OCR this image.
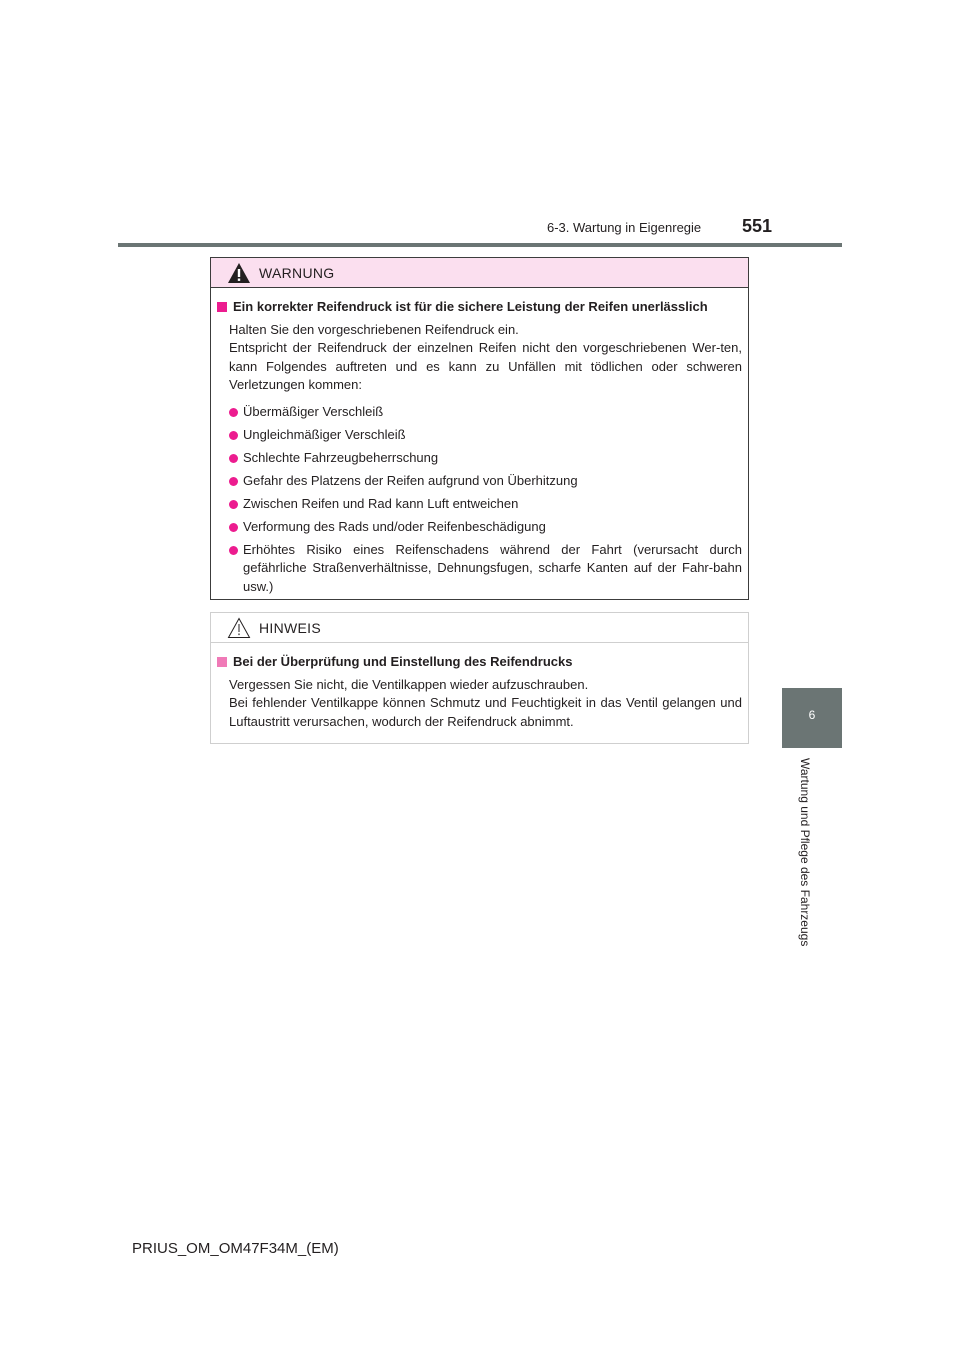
6-3. Wartung in Eigenregie 551
6
Wartung und Pflege des Fahrzeugs
WARNUNG
Ein korrekter Reifendruck ist für die sichere Leistung der Reifen unerlässlich
Halten Sie den vorgeschriebenen Reifendruck ein.
Entspricht der Reifendruck der einzelnen Reifen nicht den vorgeschriebenen Wer-ten, kann Folgendes auftreten und es kann zu Unfällen mit tödlichen oder schweren Verletzungen kommen:
Übermäßiger Verschleiß
Ungleichmäßiger Verschleiß
Schlechte Fahrzeugbeherrschung
Gefahr des Platzens der Reifen aufgrund von Überhitzung
Zwischen Reifen und Rad kann Luft entweichen
Verformung des Rads und/oder Reifenbeschädigung
Erhöhtes Risiko eines Reifenschadens während der Fahrt (verursacht durch gefährliche Straßenverhältnisse, Dehnungsfugen, scharfe Kanten auf der Fahr-bahn usw.)
HINWEIS
Bei der Überprüfung und Einstellung des Reifendrucks
Vergessen Sie nicht, die Ventilkappen wieder aufzuschrauben.
Bei fehlender Ventilkappe können Schmutz und Feuchtigkeit in das Ventil gelangen und Luftaustritt verursachen, wodurch der Reifendruck abnimmt.
PRIUS_OM_OM47F34M_(EM)
